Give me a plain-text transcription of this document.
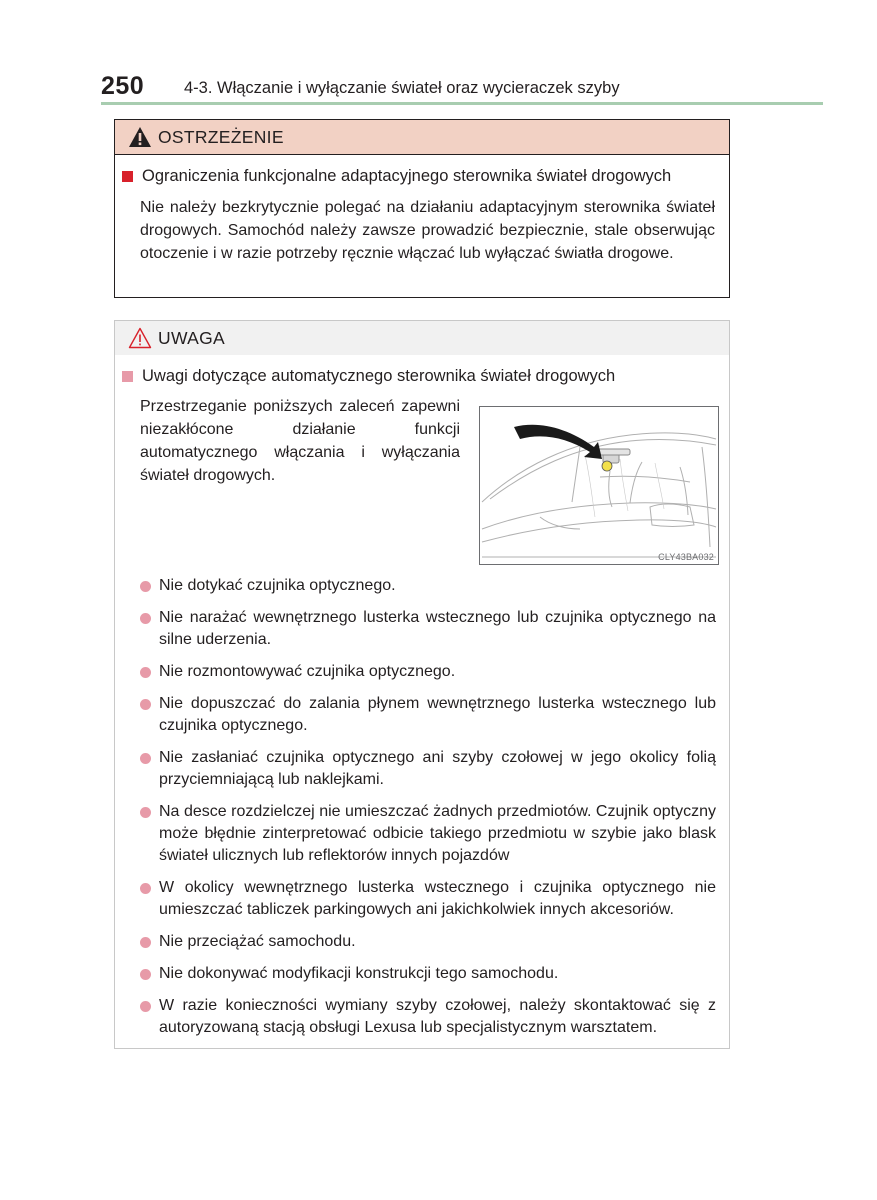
250 4-3. Włączanie i wyłączanie świateł oraz wycieraczek szyby
OSTRZEŻENIE
Ograniczenia funkcjonalne adaptacyjnego sterownika świateł drogowych
Nie należy bezkrytycznie polegać na działaniu adaptacyjnym sterownika świateł drogowych. Samochód należy zawsze prowadzić bezpiecznie, stale obserwując otoczenie i w razie potrzeby ręcznie włączać lub wyłączać światła drogowe.
UWAGA
Uwagi dotyczące automatycznego sterownika świateł drogowych
Przestrzeganie poniższych zaleceń zapewni niezakłócone działanie funkcji automatycznego włączania i wyłączania świateł drogowych.
CLY43BA032
Nie dotykać czujnika optycznego.
Nie narażać wewnętrznego lusterka wstecznego lub czujnika optycznego na silne uderzenia.
Nie rozmontowywać czujnika optycznego.
Nie dopuszczać do zalania płynem wewnętrznego lusterka wstecznego lub czujnika optycznego.
Nie zasłaniać czujnika optycznego ani szyby czołowej w jego okolicy folią przyciemniającą lub naklejkami.
Na desce rozdzielczej nie umieszczać żadnych przedmiotów. Czujnik optyczny może błędnie zinterpretować odbicie takiego przedmiotu w szybie jako blask świateł ulicznych lub reflektorów innych pojazdów
W okolicy wewnętrznego lusterka wstecznego i czujnika optycznego nie umieszczać tabliczek parkingowych ani jakichkolwiek innych akcesoriów.
Nie przeciążać samochodu.
Nie dokonywać modyfikacji konstrukcji tego samochodu.
W razie konieczności wymiany szyby czołowej, należy skontaktować się z autoryzowaną stacją obsługi Lexusa lub specjalistycznym warsztatem.
